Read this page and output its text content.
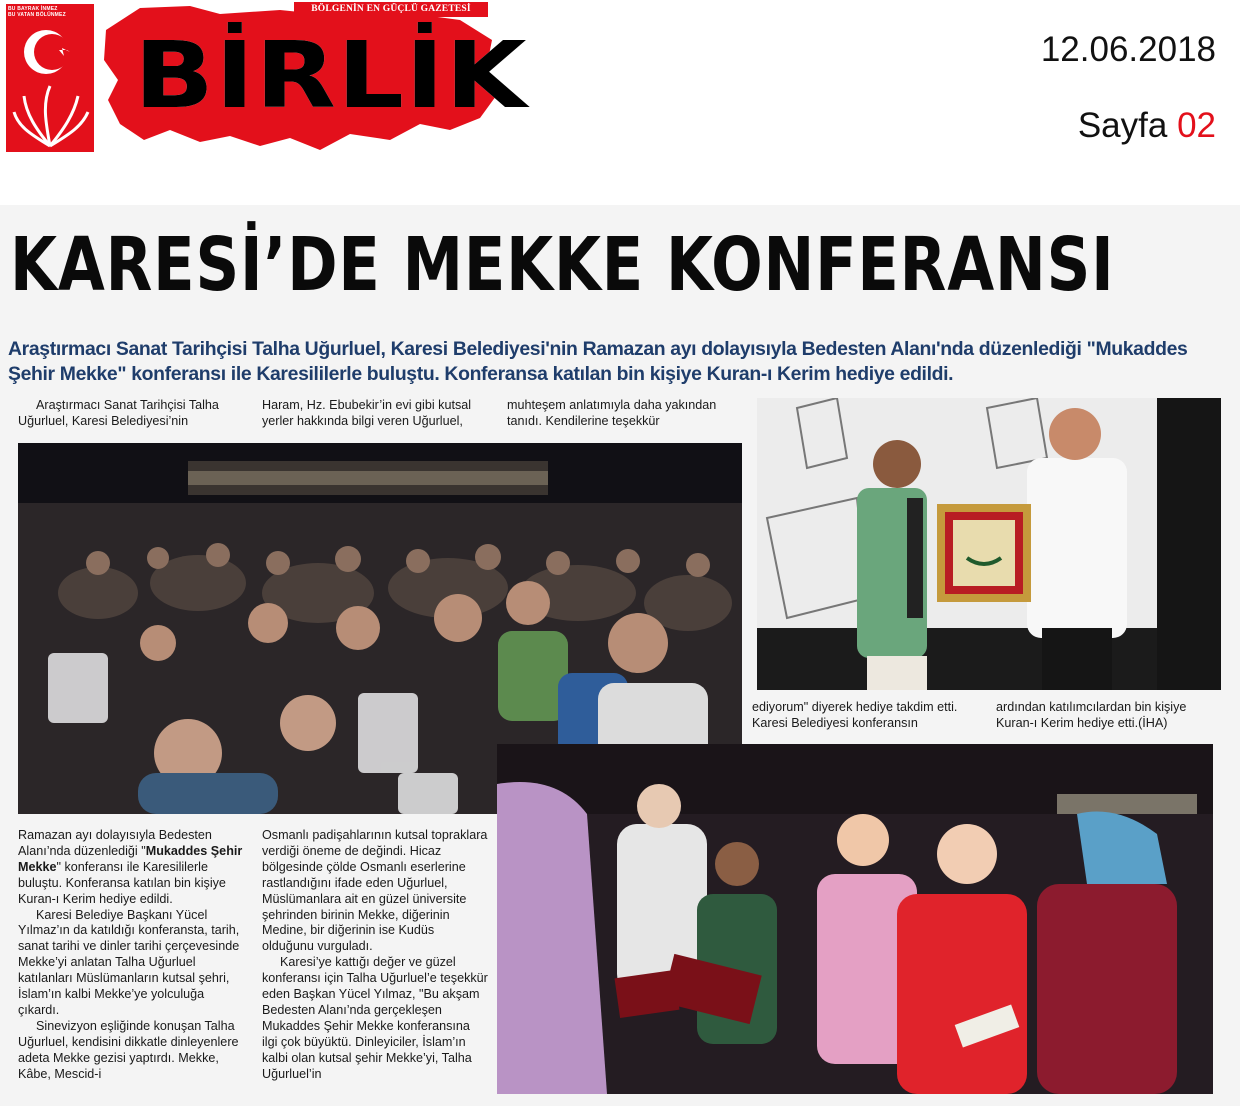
BU BAYRAK İNMEZ
BU VATAN BÖLÜNMEZ
BÖLGENİN EN GÜÇLÜ GAZETESİ
BİRLİK	12.06.2018
Sayfa 02
KARESİ’DE MEKKE KONFERANSI
Araştırmacı Sanat Tarihçisi Talha Uğurluel, Karesi Belediyesi'nin Ramazan ayı dolayısıyla Bedesten Alanı'nda düzenlediği "Mukaddes Şehir Mekke" konferansı ile Karesililerle buluştu. Konferansa katılan bin kişiye Kuran-ı Kerim hediye edildi.
Araştırmacı Sanat Tarihçisi Talha Uğurluel, Karesi Belediyesi’nin
Haram, Hz. Ebubekir’in evi gibi kutsal yerler hakkında bilgi veren Uğurluel,
muhteşem anlatımıyla daha yakından tanıdı. Kendilerine teşekkür
ediyorum" diyerek hediye takdim etti. Karesi Belediyesi konferansın
ardından katılımcılardan bin kişiye Kuran-ı Kerim hediye etti.(İHA)

Ramazan ayı dolayısıyla Bedesten Alanı’nda düzenlediği "Mukaddes Şehir Mekke" konferansı ile Karesililerle buluştu. Konferansa katılan bin kişiye Kuran-ı Kerim hediye edildi.

Karesi Belediye Başkanı Yücel Yılmaz’ın da katıldığı konferansta, tarih, sanat tarihi ve dinler tarihi çerçevesinde Mekke’yi anlatan Talha Uğurluel katılanları Müslümanların kutsal şehri, İslam’ın kalbi Mekke’ye yolculuğa çıkardı.

Sinevizyon eşliğinde konuşan Talha Uğurluel, kendisini dikkatle dinleyenlere adeta Mekke gezisi yaptırdı. Mekke, Kâbe, Mescid-i

Osmanlı padişahlarının kutsal topraklara verdiği öneme de değindi. Hicaz bölgesinde çölde Osmanlı eserlerine rastlandığını ifade eden Uğurluel, Müslümanlara ait en güzel üniversite şehrinden birinin Mekke, diğerinin Medine, bir diğerinin ise Kudüs olduğunu vurguladı.

Karesi’ye kattığı değer ve güzel konferansı için Talha Uğurluel’e teşekkür eden Başkan Yücel Yılmaz, "Bu akşam Bedesten Alanı’nda gerçekleşen Mukaddes Şehir Mekke konferansına ilgi çok büyüktü. Dinleyiciler, İslam’ın kalbi olan kutsal şehir Mekke’yi, Talha Uğurluel’in
